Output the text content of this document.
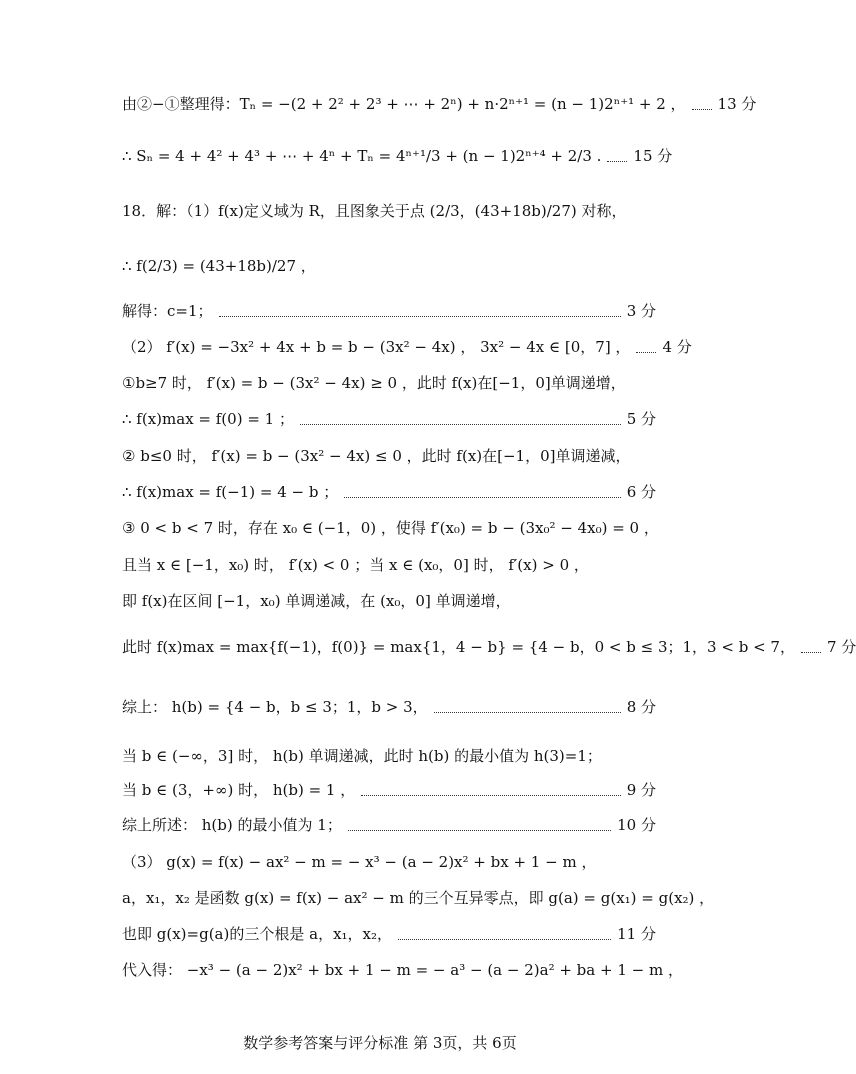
由②−①整理得：Tₙ = −(2 + 2² + 2³ + ⋯ + 2ⁿ) + n·2ⁿ⁺¹ = (n − 1)2ⁿ⁺¹ + 2 ， 13 分
∴ Sₙ = 4 + 4² + 4³ + ⋯ + 4ⁿ + Tₙ = 4ⁿ⁺¹/3 + (n − 1)2ⁿ⁺⁴ + 2/3 . 15 分
18．解：（1）f(x)定义域为 R，且图象关于点 (2/3，(43+18b)/27) 对称，
∴ f(2/3) = (43+18b)/27 ，
解得：c=1；	3 分
（2） f′(x) = −3x² + 4x + b = b − (3x² − 4x) ， 3x² − 4x ∈ [0，7] ， 4 分
①b≥7 时， f′(x) = b − (3x² − 4x) ≥ 0 ，此时 f(x)在[−1，0]单调递增，
∴ f(x)max = f(0) = 1 ；	5 分
② b≤0 时， f′(x) = b − (3x² − 4x) ≤ 0 ，此时 f(x)在[−1，0]单调递减，
∴ f(x)max = f(−1) = 4 − b ；	6 分
③ 0 < b < 7 时，存在 x₀ ∈ (−1，0) ，使得 f′(x₀) = b − (3x₀² − 4x₀) = 0 ，
且当 x ∈ [−1，x₀) 时， f′(x) < 0 ；当 x ∈ (x₀，0] 时， f′(x) > 0 ，
即 f(x)在区间 [−1，x₀) 单调递减，在 (x₀，0] 单调递增，
此时 f(x)max = max{f(−1)，f(0)} = max{1，4 − b} = {4 − b，0 < b ≤ 3；1，3 < b < 7， 7 分
综上： h(b) = {4 − b，b ≤ 3；1，b > 3，	8 分
当 b ∈ (−∞，3] 时， h(b) 单调递减，此时 h(b) 的最小值为 h(3)=1；
当 b ∈ (3，+∞) 时， h(b) = 1 ，	9 分
综上所述： h(b) 的最小值为 1；	10 分
（3） g(x) = f(x) − ax² − m = − x³ − (a − 2)x² + bx + 1 − m ，
a，x₁，x₂ 是函数 g(x) = f(x) − ax² − m 的三个互异零点，即 g(a) = g(x₁) = g(x₂) ，
也即 g(x)=g(a)的三个根是 a，x₁，x₂，	11 分
代入得： −x³ − (a − 2)x² + bx + 1 − m = − a³ − (a − 2)a² + ba + 1 − m ，
数学参考答案与评分标准 第 3页，共 6页
